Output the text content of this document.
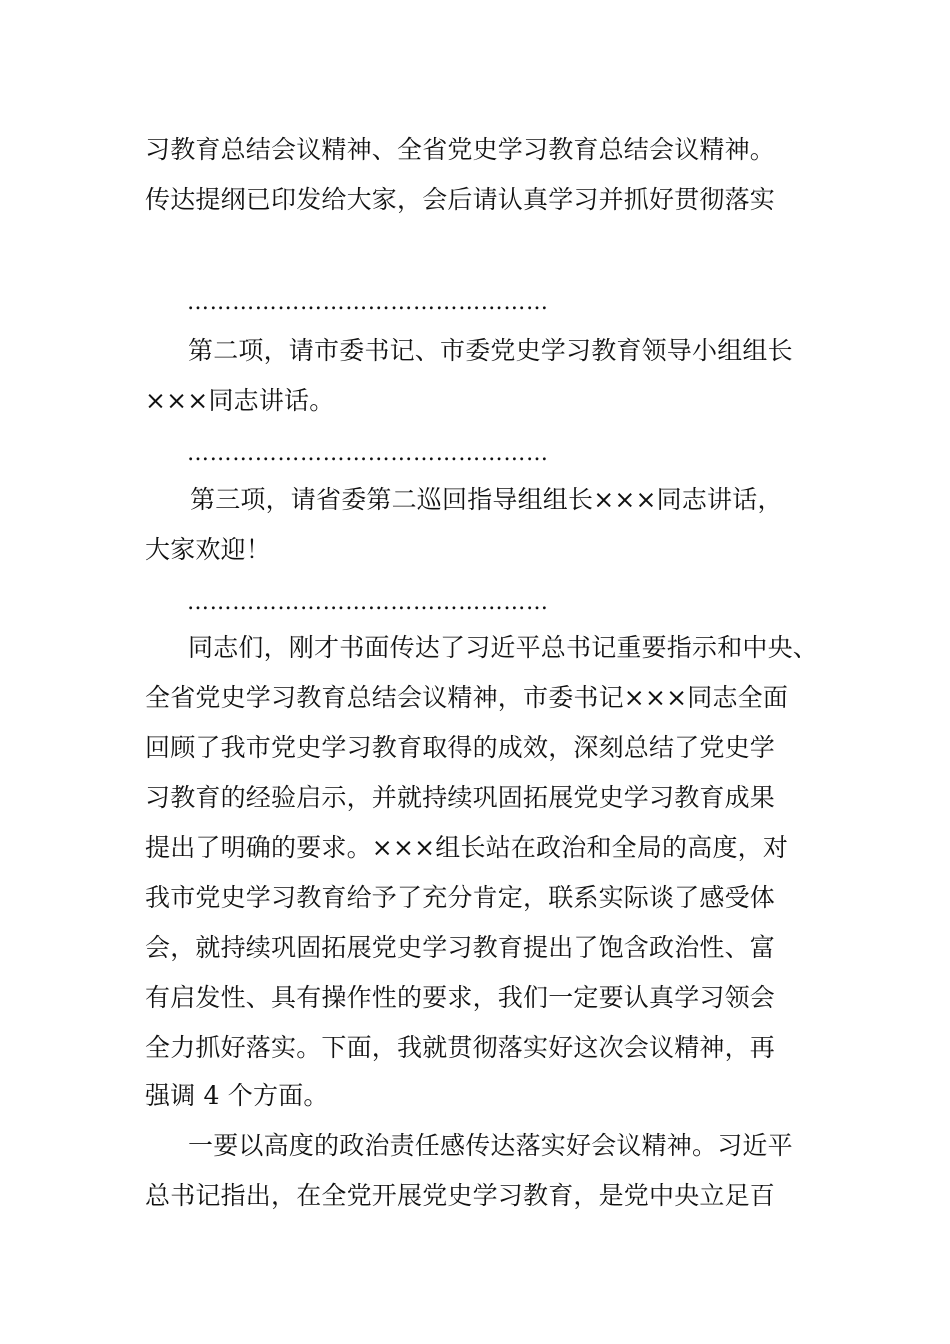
习教育总结会议精神、全省党史学习教育总结会议精神。
传达提纲已印发给大家，会后请认真学习并抓好贯彻落实
…………………………………………
第二项，请市委书记、市委党史学习教育领导小组组长
×××同志讲话。
…………………………………………
第三项，请省委第二巡回指导组组长×××同志讲话，
大家欢迎！
…………………………………………
同志们，刚才书面传达了习近平总书记重要指示和中央、
全省党史学习教育总结会议精神，市委书记×××同志全面
回顾了我市党史学习教育取得的成效，深刻总结了党史学
习教育的经验启示，并就持续巩固拓展党史学习教育成果
提出了明确的要求。×××组长站在政治和全局的高度，对
我市党史学习教育给予了充分肯定，联系实际谈了感受体
会，就持续巩固拓展党史学习教育提出了饱含政治性、富
有启发性、具有操作性的要求，我们一定要认真学习领会
全力抓好落实。下面，我就贯彻落实好这次会议精神，再
强调 4 个方面。
一要以高度的政治责任感传达落实好会议精神。习近平
总书记指出，在全党开展党史学习教育，是党中央立足百
